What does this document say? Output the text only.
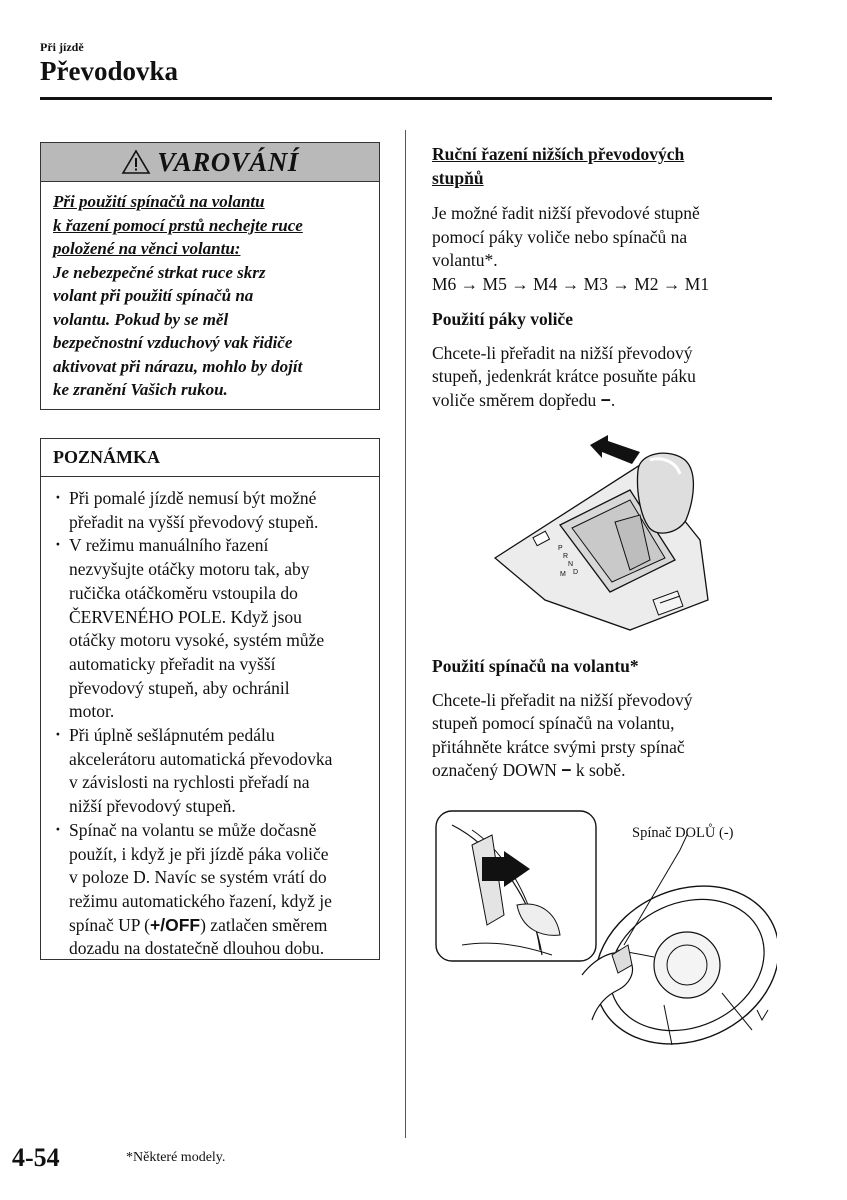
Při jízdě
Převodovka
VAROVÁNÍ
Při použití spínačů na volantu
k řazení pomocí prstů nechejte ruce
položené na věnci volantu:
Je nebezpečné strkat ruce skrz
volant při použití spínačů na
volantu. Pokud by se měl
bezpečnostní vzduchový vak řidiče
aktivovat při nárazu, mohlo by dojít
ke zranění Vašich rukou.
POZNÁMKA
· Při pomalé jízdě nemusí být možné
přeřadit na vyšší převodový stupeň.
· V režimu manuálního řazení
nezvyšujte otáčky motoru tak, aby
ručička otáčkoměru vstoupila do
ČERVENÉHO POLE. Když jsou
otáčky motoru vysoké, systém může
automaticky přeřadit na vyšší
převodový stupeň, aby ochránil
motor.
· Při úplně sešlápnutém pedálu
akcelerátoru automatická převodovka
v závislosti na rychlosti přeřadí na
nižší převodový stupeň.
· Spínač na volantu se může dočasně
použít, i když je při jízdě páka voliče
v poloze D. Navíc se systém vrátí do
režimu automatického řazení, když je
spínač UP (+/OFF) zatlačen směrem
dozadu na dostatečně dlouhou dobu.
Ruční řazení nižších převodových
stupňů
Je možné řadit nižší převodové stupně
pomocí páky voliče nebo spínačů na
volantu*.
M6 → M5 → M4 → M3 → M2 → M1
Použití páky voliče
Chcete-li přeřadit na nižší převodový
stupeň, jedenkrát krátce posuňte páku
voliče směrem dopředu −.
P
R
N
D
M
Použití spínačů na volantu*
Chcete-li přeřadit na nižší převodový
stupeň pomocí spínačů na volantu,
přitáhněte krátce svými prsty spínač
označený DOWN − k sobě.
Spínač DOLŮ (-)
4-54	*Některé modely.
